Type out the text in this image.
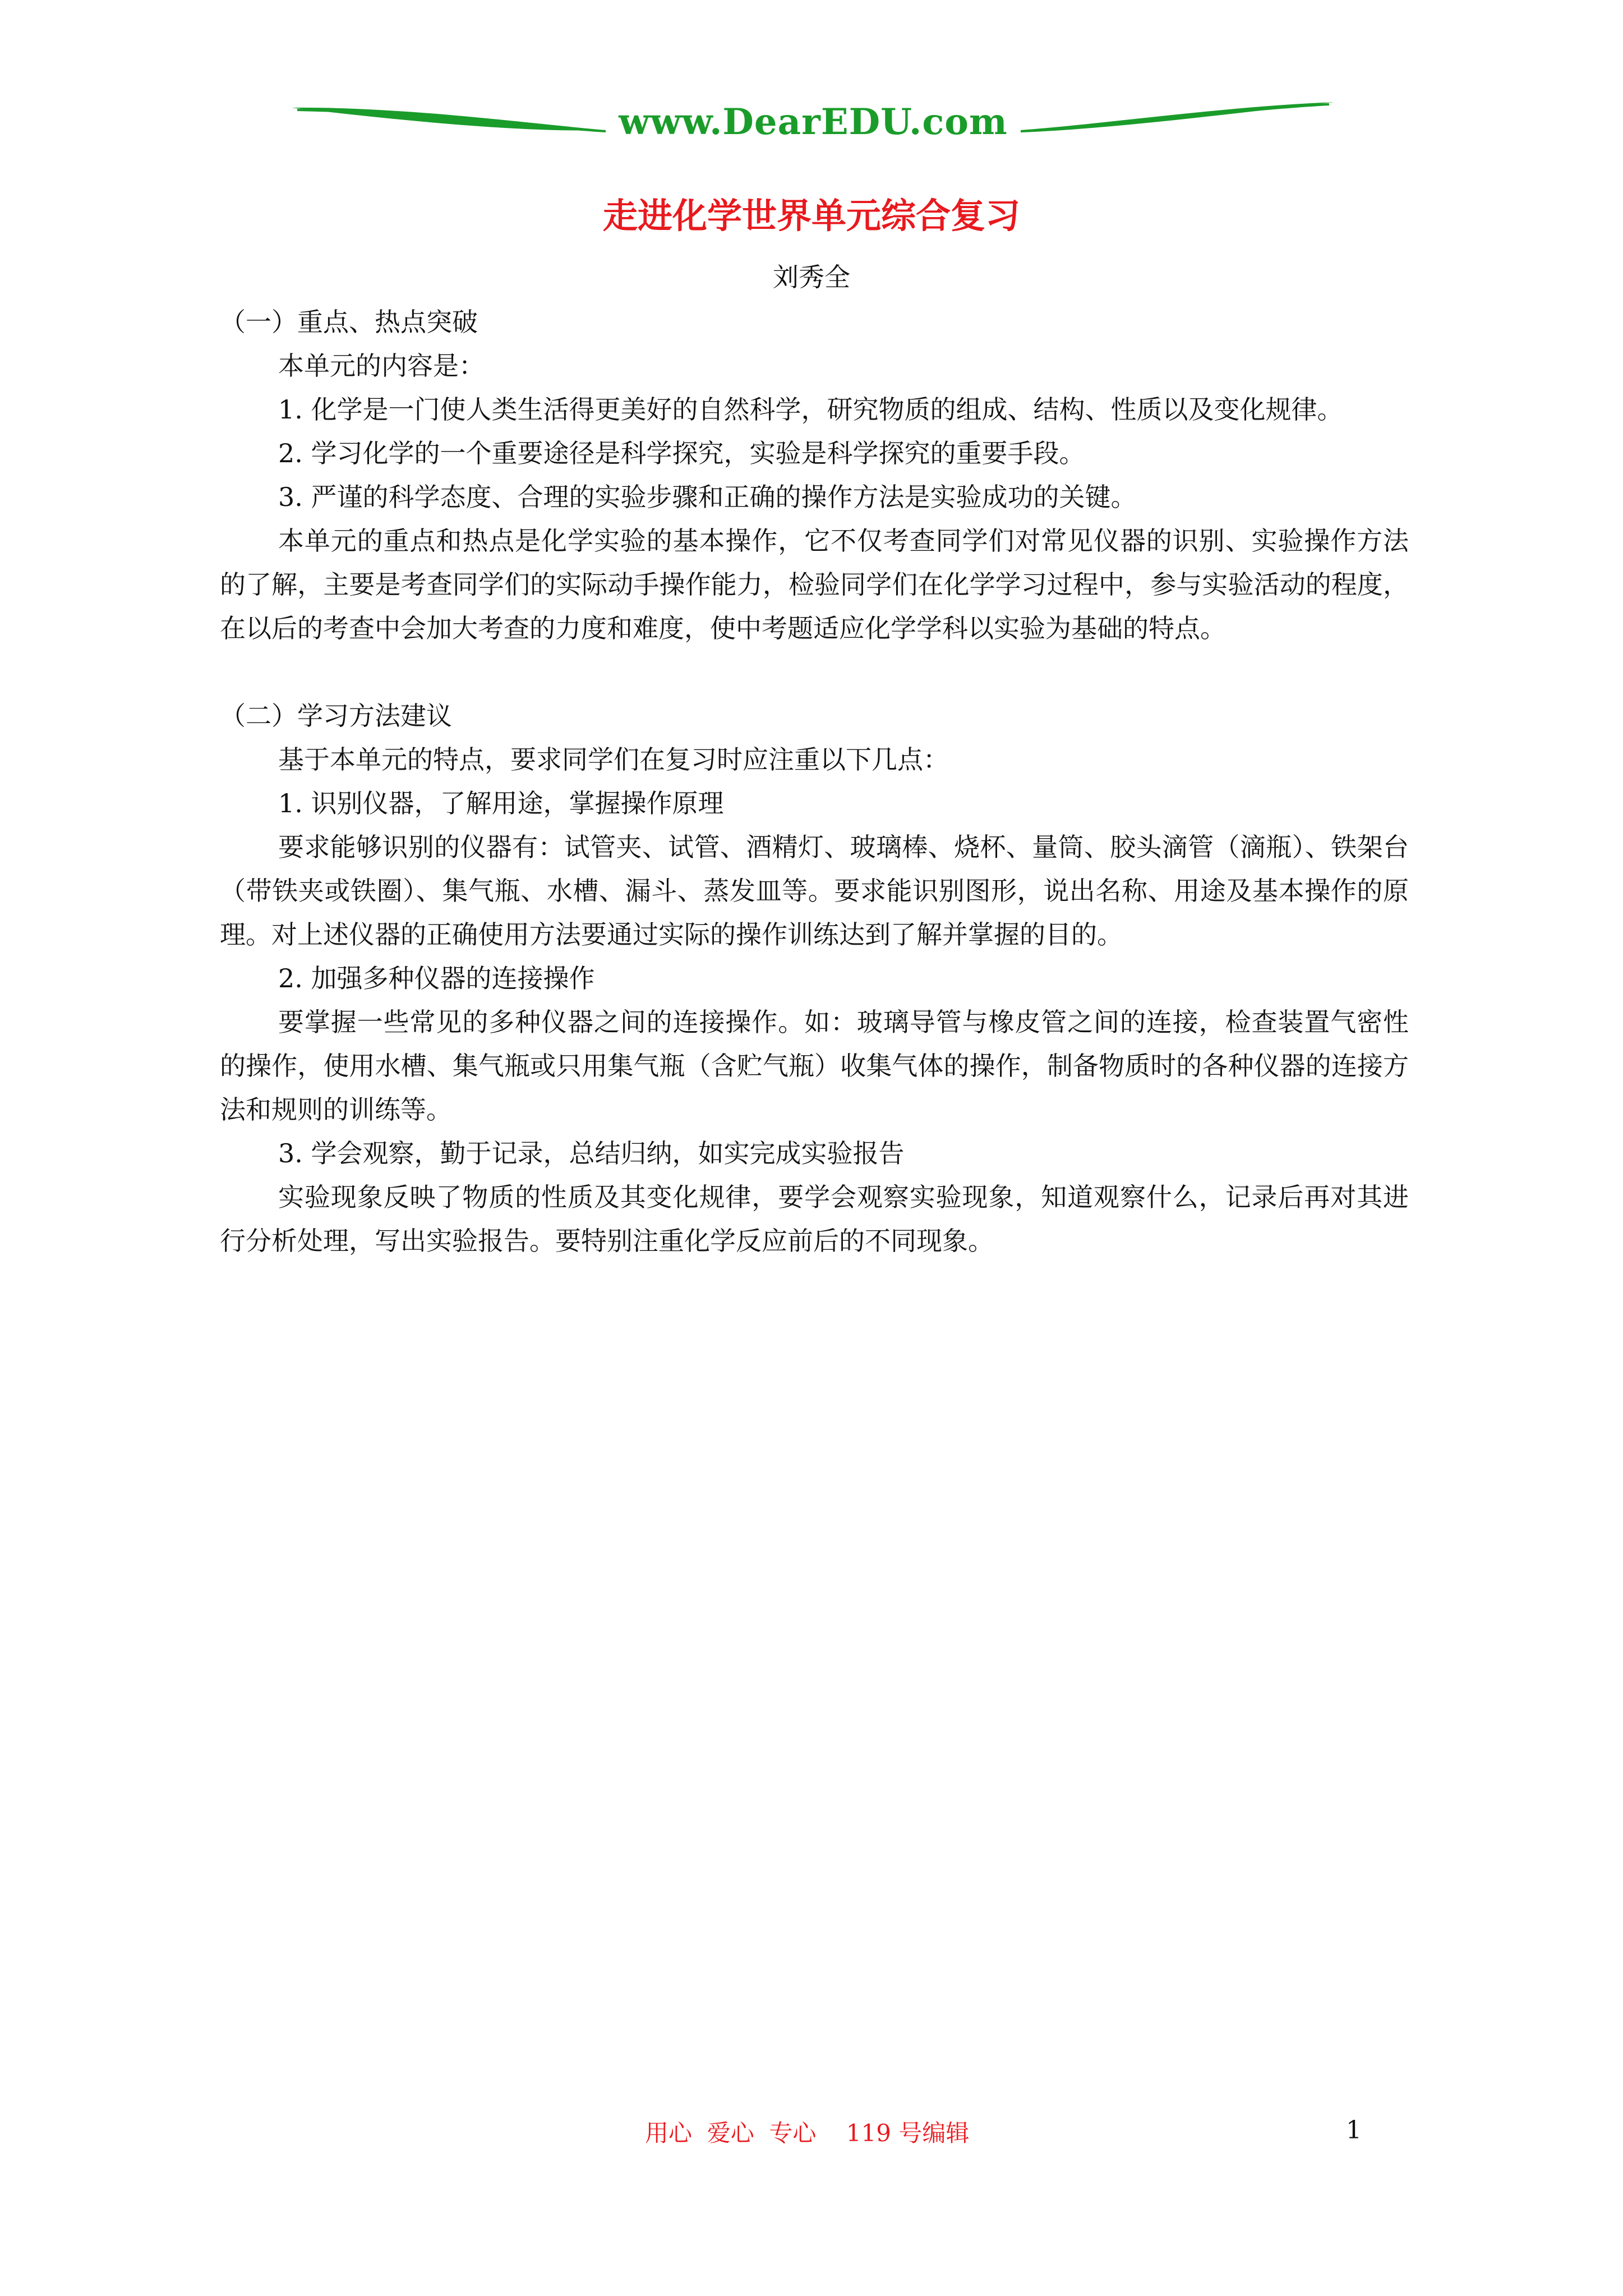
www.DearEDU.com
走进化学世界单元综合复习
刘秀全

（一）重点、热点突破

本单元的内容是：

1. 化学是一门使人类生活得更美好的自然科学，研究物质的组成、结构、性质以及变化规律。

2. 学习化学的一个重要途径是科学探究，实验是科学探究的重要手段。

3. 严谨的科学态度、合理的实验步骤和正确的操作方法是实验成功的关键。

本单元的重点和热点是化学实验的基本操作，它不仅考查同学们对常见仪器的识别、实验操作方法的了解，主要是考查同学们的实际动手操作能力，检验同学们在化学学习过程中，参与实验活动的程度，在以后的考查中会加大考查的力度和难度，使中考题适应化学学科以实验为基础的特点。

（二）学习方法建议

基于本单元的特点，要求同学们在复习时应注重以下几点：

1. 识别仪器，了解用途，掌握操作原理

要求能够识别的仪器有：试管夹、试管、酒精灯、玻璃棒、烧杯、量筒、胶头滴管（滴瓶）、铁架台（带铁夹或铁圈）、集气瓶、水槽、漏斗、蒸发皿等。要求能识别图形，说出名称、用途及基本操作的原理。对上述仪器的正确使用方法要通过实际的操作训练达到了解并掌握的目的。

2. 加强多种仪器的连接操作

要掌握一些常见的多种仪器之间的连接操作。如：玻璃导管与橡皮管之间的连接，检查装置气密性的操作，使用水槽、集气瓶或只用集气瓶（含贮气瓶）收集气体的操作，制备物质时的各种仪器的连接方法和规则的训练等。

3. 学会观察，勤于记录，总结归纳，如实完成实验报告

实验现象反映了物质的性质及其变化规律，要学会观察实验现象，知道观察什么，记录后再对其进行分析处理，写出实验报告。要特别注重化学反应前后的不同现象。

用心  爱心  专心    119 号编辑	1
